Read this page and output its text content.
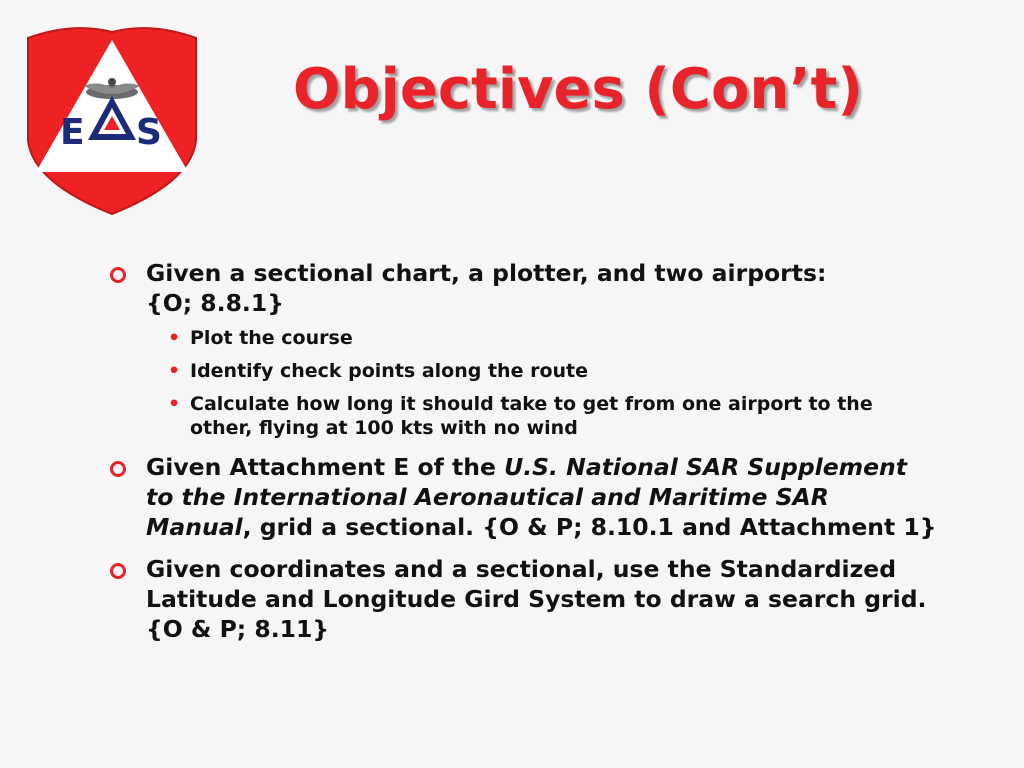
E S
Objectives (Con’t)
Given a sectional chart, a plotter, and two airports:
{O; 8.8.1}
• Plot the course
• Identify check points along the route
• Calculate how long it should take to get from one airport to the
other, flying at 100 kts with no wind
Given Attachment E of the U.S. National SAR Supplement
to the International Aeronautical and Maritime SAR
Manual, grid a sectional. {O & P; 8.10.1 and Attachment 1}
Given coordinates and a sectional, use the Standardized
Latitude and Longitude Gird System to draw a search grid.
{O & P; 8.11}
